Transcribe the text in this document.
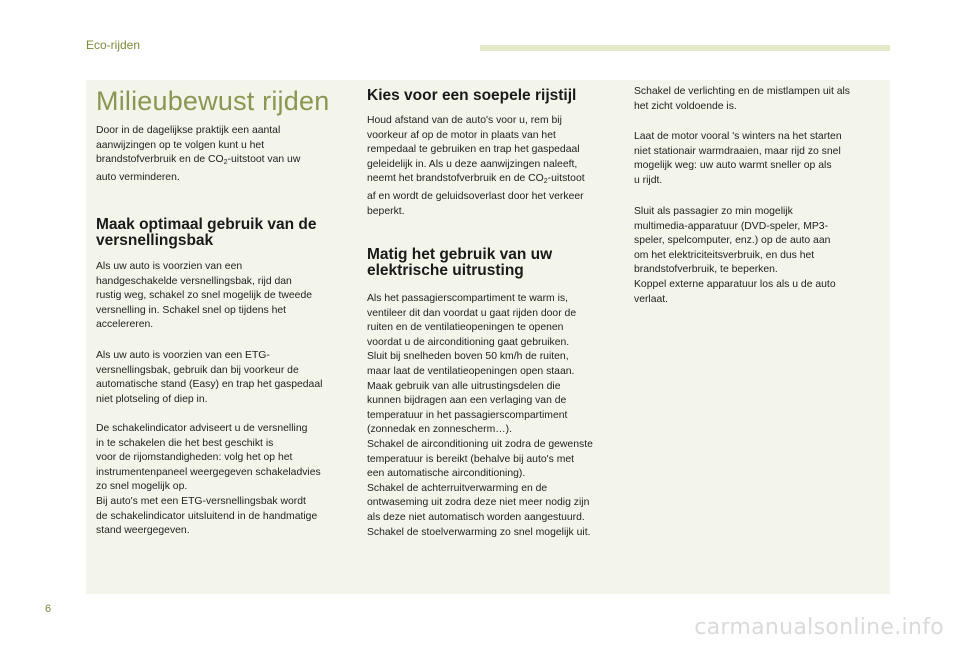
Eco-rijden
Milieubewust rijden

Door in de dagelijkse praktijk een aantal
aanwijzingen op te volgen kunt u het
brandstofverbruik en de $CO_2$-uitstoot van uw
auto verminderen.

Maak optimaal gebruik van de versnellingsbak

Als uw auto is voorzien van een
handgeschakelde versnellingsbak, rijd dan
rustig weg, schakel zo snel mogelijk de tweede
versnelling in. Schakel snel op tijdens het
accelereren.

Als uw auto is voorzien van een ETG-
versnellingsbak, gebruik dan bij voorkeur de
automatische stand (Easy) en trap het gaspedaal
niet plotseling of diep in.

De schakelindicator adviseert u de versnelling
in te schakelen die het best geschikt is
voor de rijomstandigheden: volg het op het
instrumentenpaneel weergegeven schakeladvies
zo snel mogelijk op.
Bij auto's met een ETG-versnellingsbak wordt
de schakelindicator uitsluitend in de handmatige
stand weergegeven.

Kies voor een soepele rijstijl

Houd afstand van de auto's voor u, rem bij
voorkeur af op de motor in plaats van het
rempedaal te gebruiken en trap het gaspedaal
geleidelijk in. Als u deze aanwijzingen naleeft,
neemt het brandstofverbruik en de $CO_2$-uitstoot
af en wordt de geluidsoverlast door het verkeer
beperkt.

Matig het gebruik van uw elektrische uitrusting

Als het passagierscompartiment te warm is,
ventileer dit dan voordat u gaat rijden door de
ruiten en de ventilatieopeningen te openen
voordat u de airconditioning gaat gebruiken.
Sluit bij snelheden boven 50 km/h de ruiten,
maar laat de ventilatieopeningen open staan.
Maak gebruik van alle uitrustingsdelen die
kunnen bijdragen aan een verlaging van de
temperatuur in het passagierscompartiment
(zonnedak en zonnescherm…).
Schakel de airconditioning uit zodra de gewenste
temperatuur is bereikt (behalve bij auto's met
een automatische airconditioning).
Schakel de achterruitverwarming en de
ontwaseming uit zodra deze niet meer nodig zijn
als deze niet automatisch worden aangestuurd.
Schakel de stoelverwarming zo snel mogelijk uit.

Schakel de verlichting en de mistlampen uit als
het zicht voldoende is.

Laat de motor vooral 's winters na het starten
niet stationair warmdraaien, maar rijd zo snel
mogelijk weg: uw auto warmt sneller op als
u rijdt.

Sluit als passagier zo min mogelijk
multimedia-apparatuur (DVD-speler, MP3-
speler, spelcomputer, enz.) op de auto aan
om het elektriciteitsverbruik, en dus het
brandstofverbruik, te beperken.
Koppel externe apparatuur los als u de auto
verlaat.

6
carmanualsonline.info
